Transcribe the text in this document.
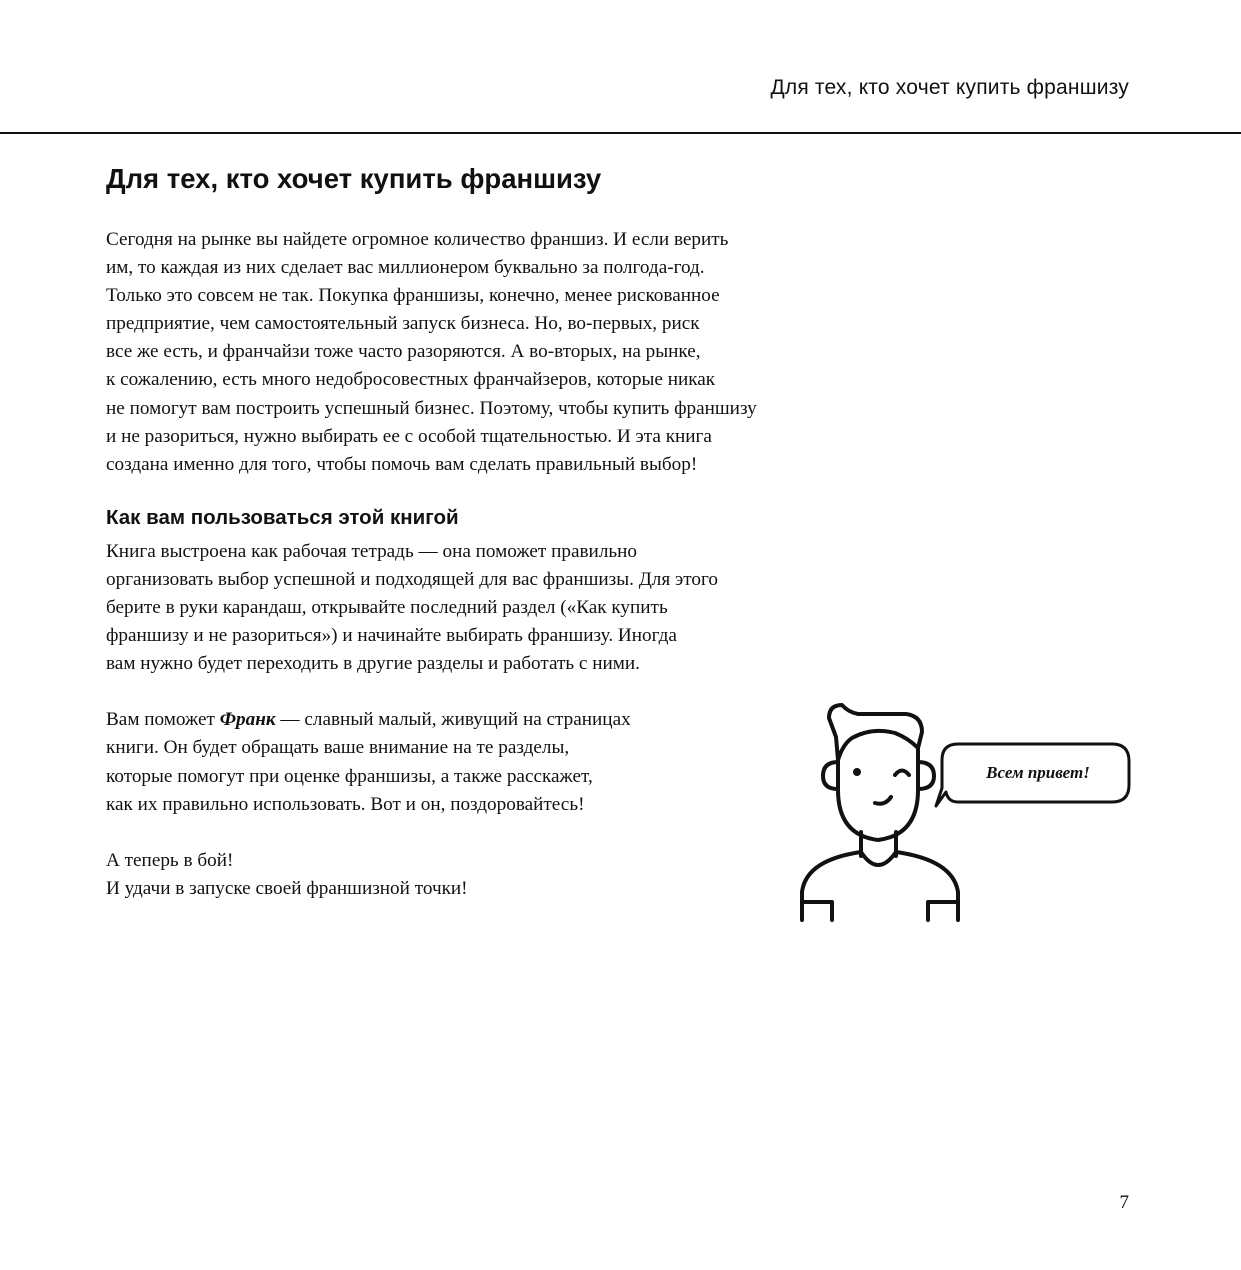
Для тех, кто хочет купить франшизу
Для тех, кто хочет купить франшизу

Сегодня на рынке вы найдете огромное количество франшиз. И если верить
им, то каждая из них сделает вас миллионером буквально за полгода-год.
Только это совсем не так. Покупка франшизы, конечно, менее рискованное
предприятие, чем самостоятельный запуск бизнеса. Но, во-первых, риск
все же есть, и франчайзи тоже часто разоряются. А во-вторых, на рынке,
к сожалению, есть много недобросовестных франчайзеров, которые никак
не помогут вам построить успешный бизнес. Поэтому, чтобы купить франшизу
и не разориться, нужно выбирать ее с особой тщательностью. И эта книга
создана именно для того, чтобы помочь вам сделать правильный выбор!

Как вам пользоваться этой книгой

Книга выстроена как рабочая тетрадь — она поможет правильно
организовать выбор успешной и подходящей для вас франшизы. Для этого
берите в руки карандаш, открывайте последний раздел («Как купить
франшизу и не разориться») и начинайте выбирать франшизу. Иногда
вам нужно будет переходить в другие разделы и работать с ними.

Вам поможет Франк — славный малый, живущий на страницах
книги. Он будет обращать ваше внимание на те разделы,
которые помогут при оценке франшизы, а также расскажет,
как их правильно использовать. Вот и он, поздоровайтесь!

А теперь в бой!
И удачи в запуске своей франшизной точки!

Всем привет!
7
